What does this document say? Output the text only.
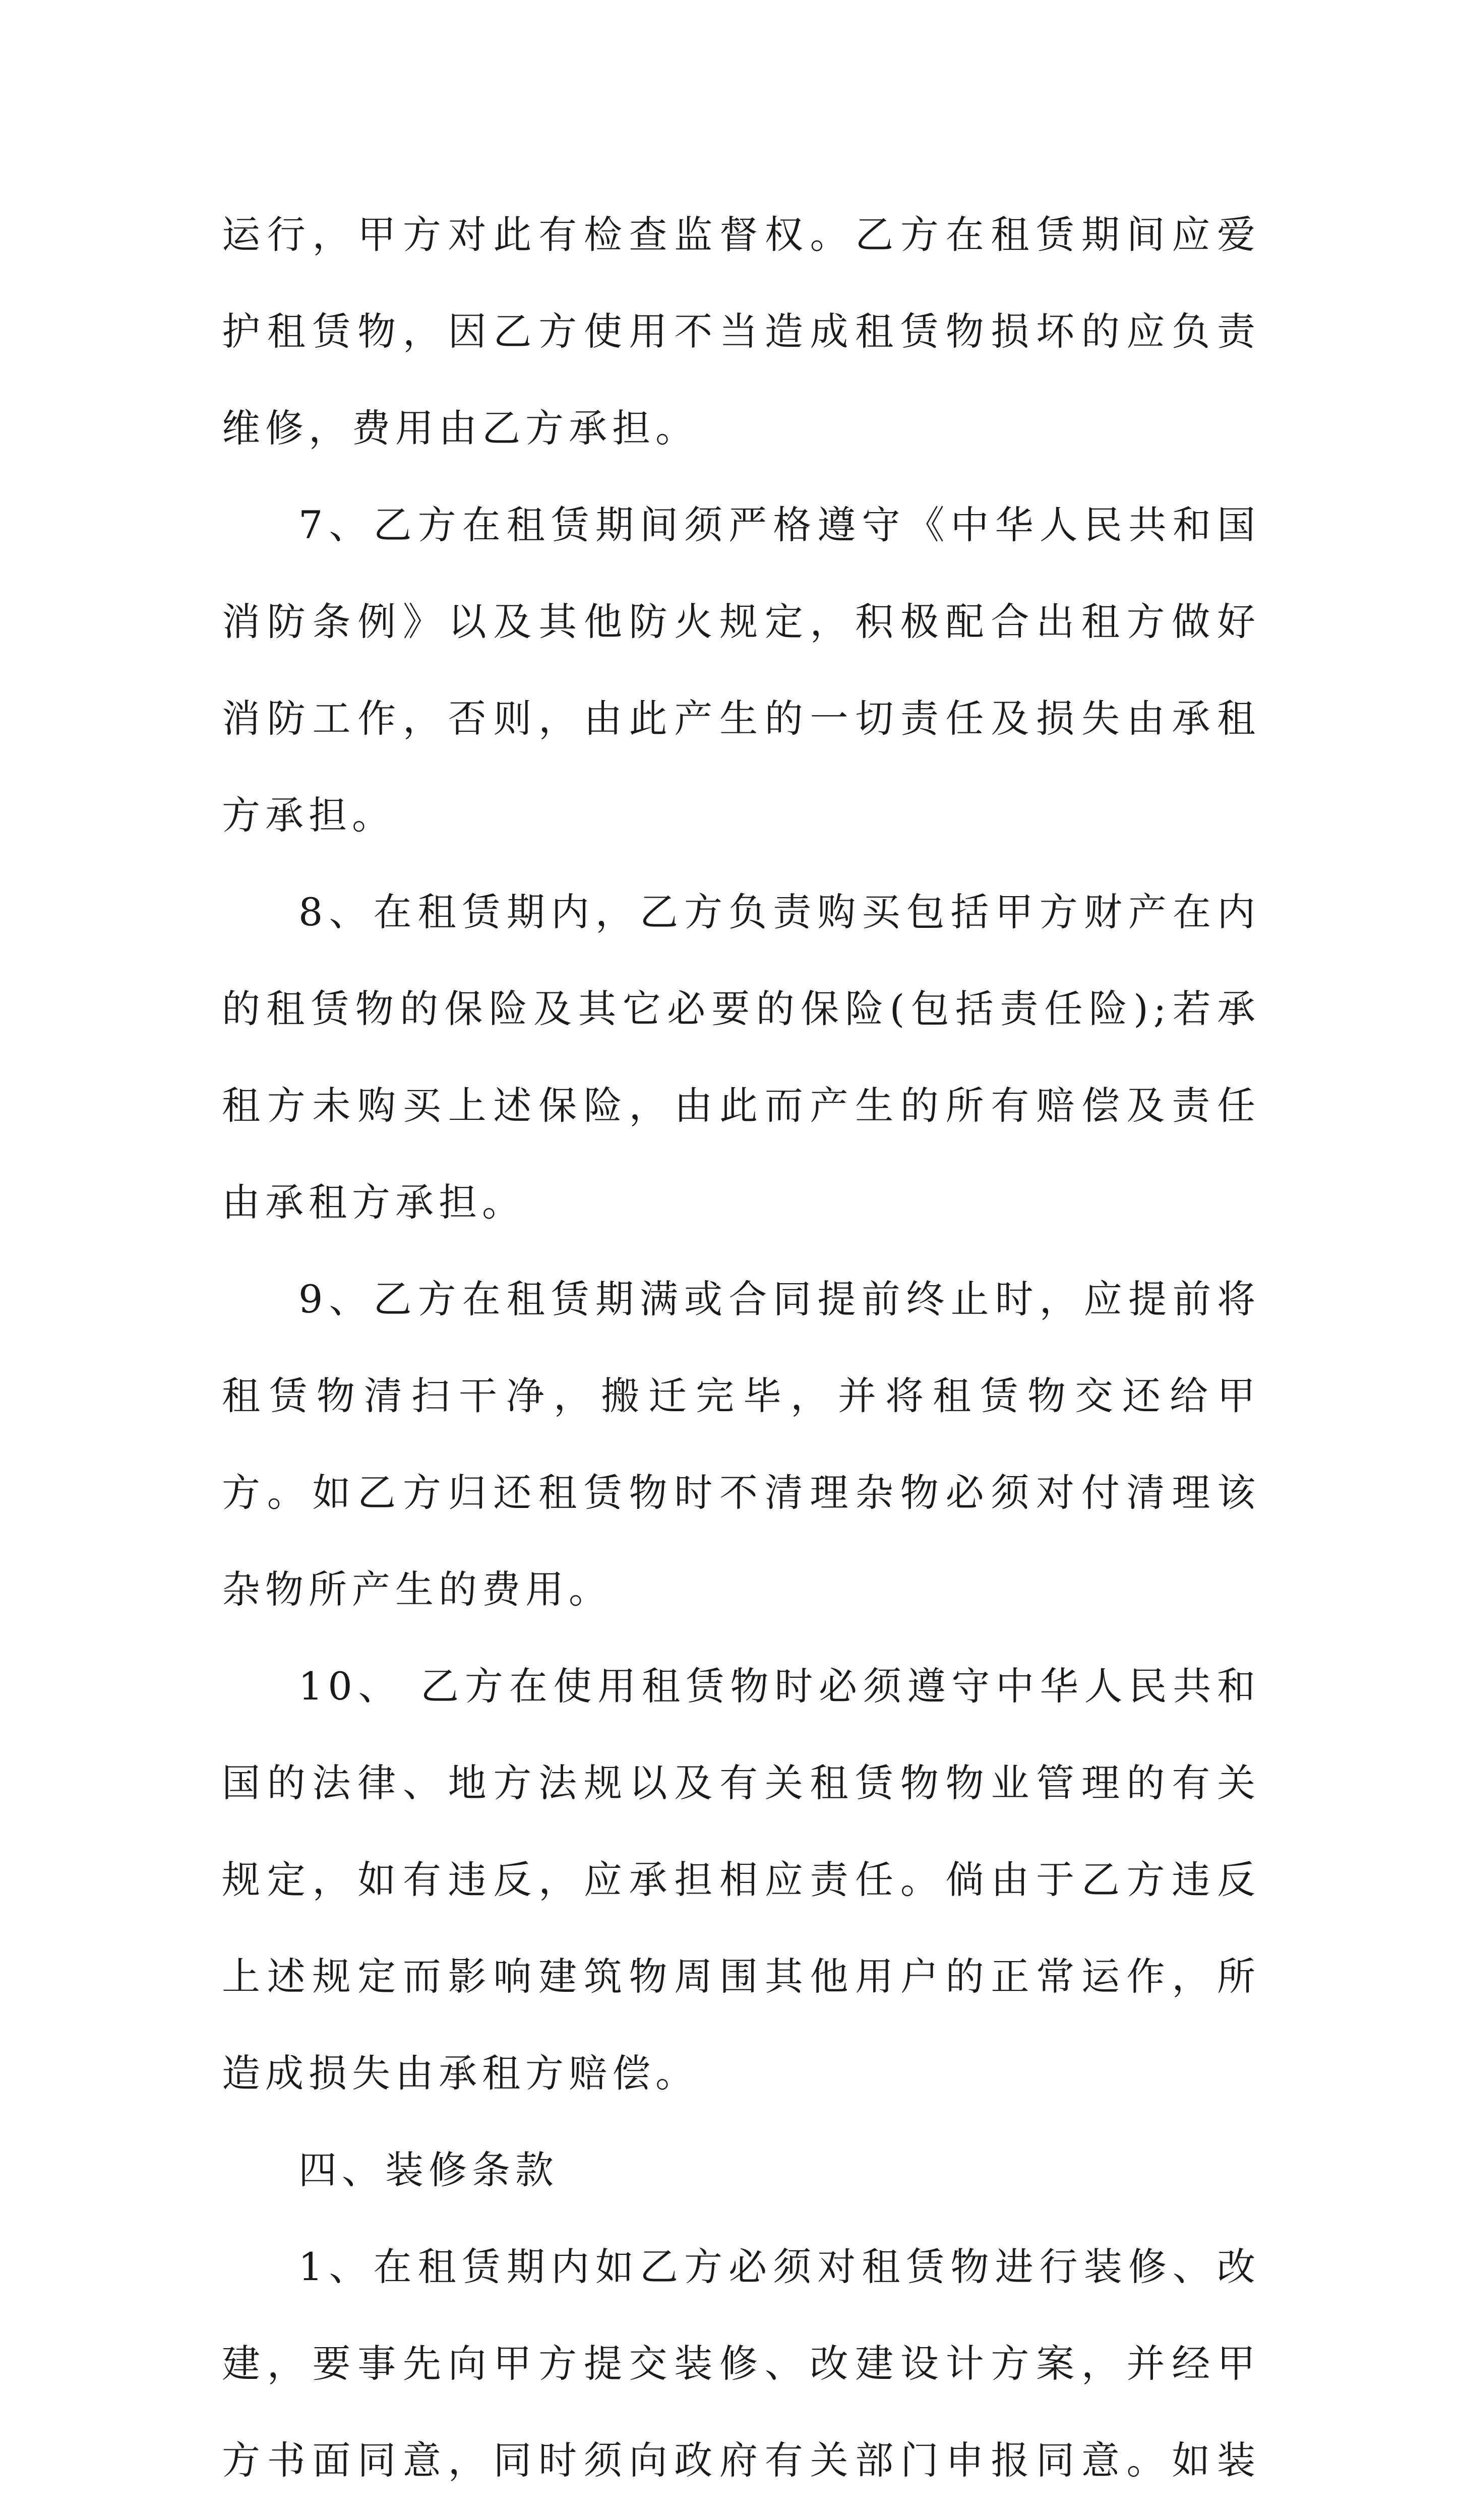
运行，甲方对此有检查监督权。乙方在租赁期间应爱护租赁物，因乙方使用不当造成租赁物损坏的应负责维修，费用由乙方承担。

7、乙方在租赁期间须严格遵守《中华人民共和国消防条例》以及其他防火规定，积极配合出租方做好消防工作，否则，由此产生的一切责任及损失由承租方承担。

8、在租赁期内，乙方负责购买包括甲方财产在内的租赁物的保险及其它必要的保险(包括责任险);若承租方未购买上述保险，由此而产生的所有赔偿及责任由承租方承担。

9、乙方在租赁期满或合同提前终止时，应提前将租赁物清扫干净，搬迁完毕，并将租赁物交还给甲方。如乙方归还租赁物时不清理杂物必须对付清理该杂物所产生的费用。

10、 乙方在使用租赁物时必须遵守中华人民共和国的法律、地方法规以及有关租赁物物业管理的有关规定，如有违反，应承担相应责任。倘由于乙方违反上述规定而影响建筑物周围其他用户的正常运作，所造成损失由承租方赔偿。

四、装修条款

1、在租赁期内如乙方必须对租赁物进行装修、改建，要事先向甲方提交装修、改建设计方案，并经甲方书面同意，同时须向政府有关部门申报同意。如装
